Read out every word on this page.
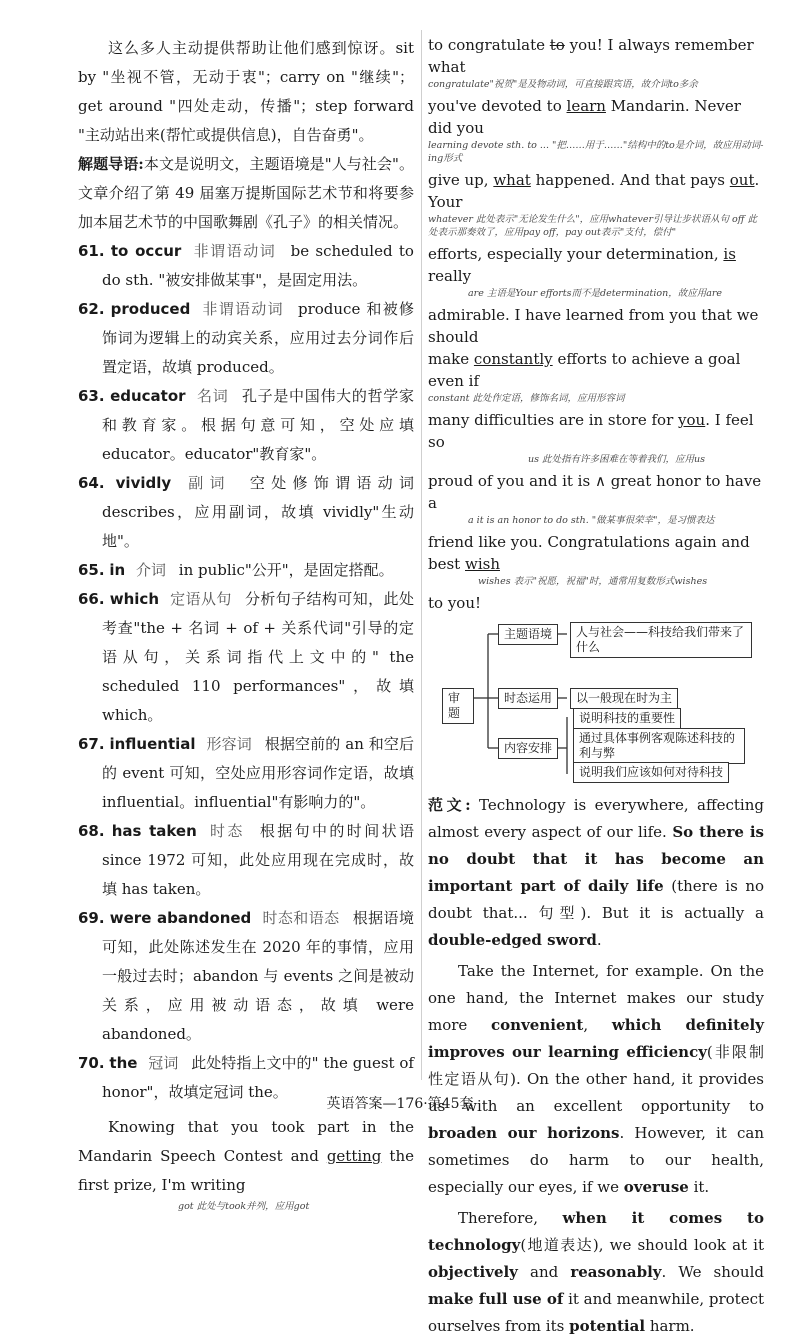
这么多人主动提供帮助让他们感到惊讶。sit by "坐视不管，无动于衷"；carry on "继续"；get around "四处走动，传播"；step forward "主动站出来(帮忙或提供信息)，自告奋勇"。

解题导语:本文是说明文，主题语境是"人与社会"。文章介绍了第 49 届塞万提斯国际艺术节和将要参加本届艺术节的中国歌舞剧《孔子》的相关情况。

61. to occur 非谓语动词 be scheduled to do sth. "被安排做某事"，是固定用法。

62. produced 非谓语动词 produce 和被修饰词为逻辑上的动宾关系，应用过去分词作后置定语，故填 produced。

63. educator 名词 孔子是中国伟大的哲学家和教育家。根据句意可知，空处应填 educator。educator"教育家"。

64. vividly 副词 空处修饰谓语动词 describes，应用副词，故填 vividly"生动地"。

65. in 介词 in public"公开"，是固定搭配。

66. which 定语从句 分析句子结构可知，此处考查"the + 名词 + of + 关系代词"引导的定语从句，关系词指代上文中的" the scheduled 110 performances"，故填 which。

67. influential 形容词 根据空前的 an 和空后的 event 可知，空处应用形容词作定语，故填 influential。influential"有影响力的"。

68. has taken 时态 根据句中的时间状语 since 1972 可知，此处应用现在完成时，故填 has taken。

69. were abandoned 时态和语态 根据语境可知，此处陈述发生在 2020 年的事情，应用一般过去时；abandon 与 events 之间是被动关系，应用被动语态，故填 were abandoned。

70. the 冠词 此处特指上文中的" the guest of honor"，故填定冠词 the。

Knowing that you took part in the Mandarin Speech Contest and getting the first prize, I'm writing

got 此处与took并列，应用got

to congratulate to you! I always remember what

congratulate"祝贺"是及物动词，可直接跟宾语，故介词to多余

you've devoted to learn Mandarin. Never did you

learning devote sth. to ... "把……用于……"结构中的to是介词，故应用动词-ing形式

give up, what happened. And that pays out. Your

whatever 此处表示"无论发生什么"，应用whatever引导让步状语从句 off 此处表示那奏效了，应用pay off，pay out表示"支付，偿付"

efforts, especially your determination, is really

are 主语是Your efforts而不是determination，故应用are

admirable. I have learned from you that we should

make constantly efforts to achieve a goal even if

constant 此处作定语，修饰名词，应用形容词

many difficulties are in store for you. I feel so

us 此处指有许多困难在等着我们，应用us

proud of you and it is ∧ great honor to have a

a it is an honor to do sth. "做某事很荣幸"，是习惯表达

friend like you. Congratulations again and best wish

wishes 表示"祝愿，祝福"时，通常用复数形式wishes

to you!

审题
主题语境	人与社会——科技给我们带来了什么
时态运用	以一般现在时为主
内容安排
说明科技的重要性
通过具体事例客观陈述科技的利与弊
说明我们应该如何对待科技

范文: Technology is everywhere, affecting almost every aspect of our life. So there is no doubt that it has become an important part of daily life (there is no doubt that... 句型). But it is actually a double-edged sword.

Take the Internet, for example. On the one hand, the Internet makes our study more convenient, which definitely improves our learning efficiency(非限制性定语从句). On the other hand, it provides us with an excellent opportunity to broaden our horizons. However, it can sometimes do harm to our health, especially our eyes, if we overuse it.

Therefore, when it comes to technology(地道表达), we should look at it objectively and reasonably. We should make full use of it and meanwhile, protect ourselves from its potential harm.

英语答案—176·第45套
